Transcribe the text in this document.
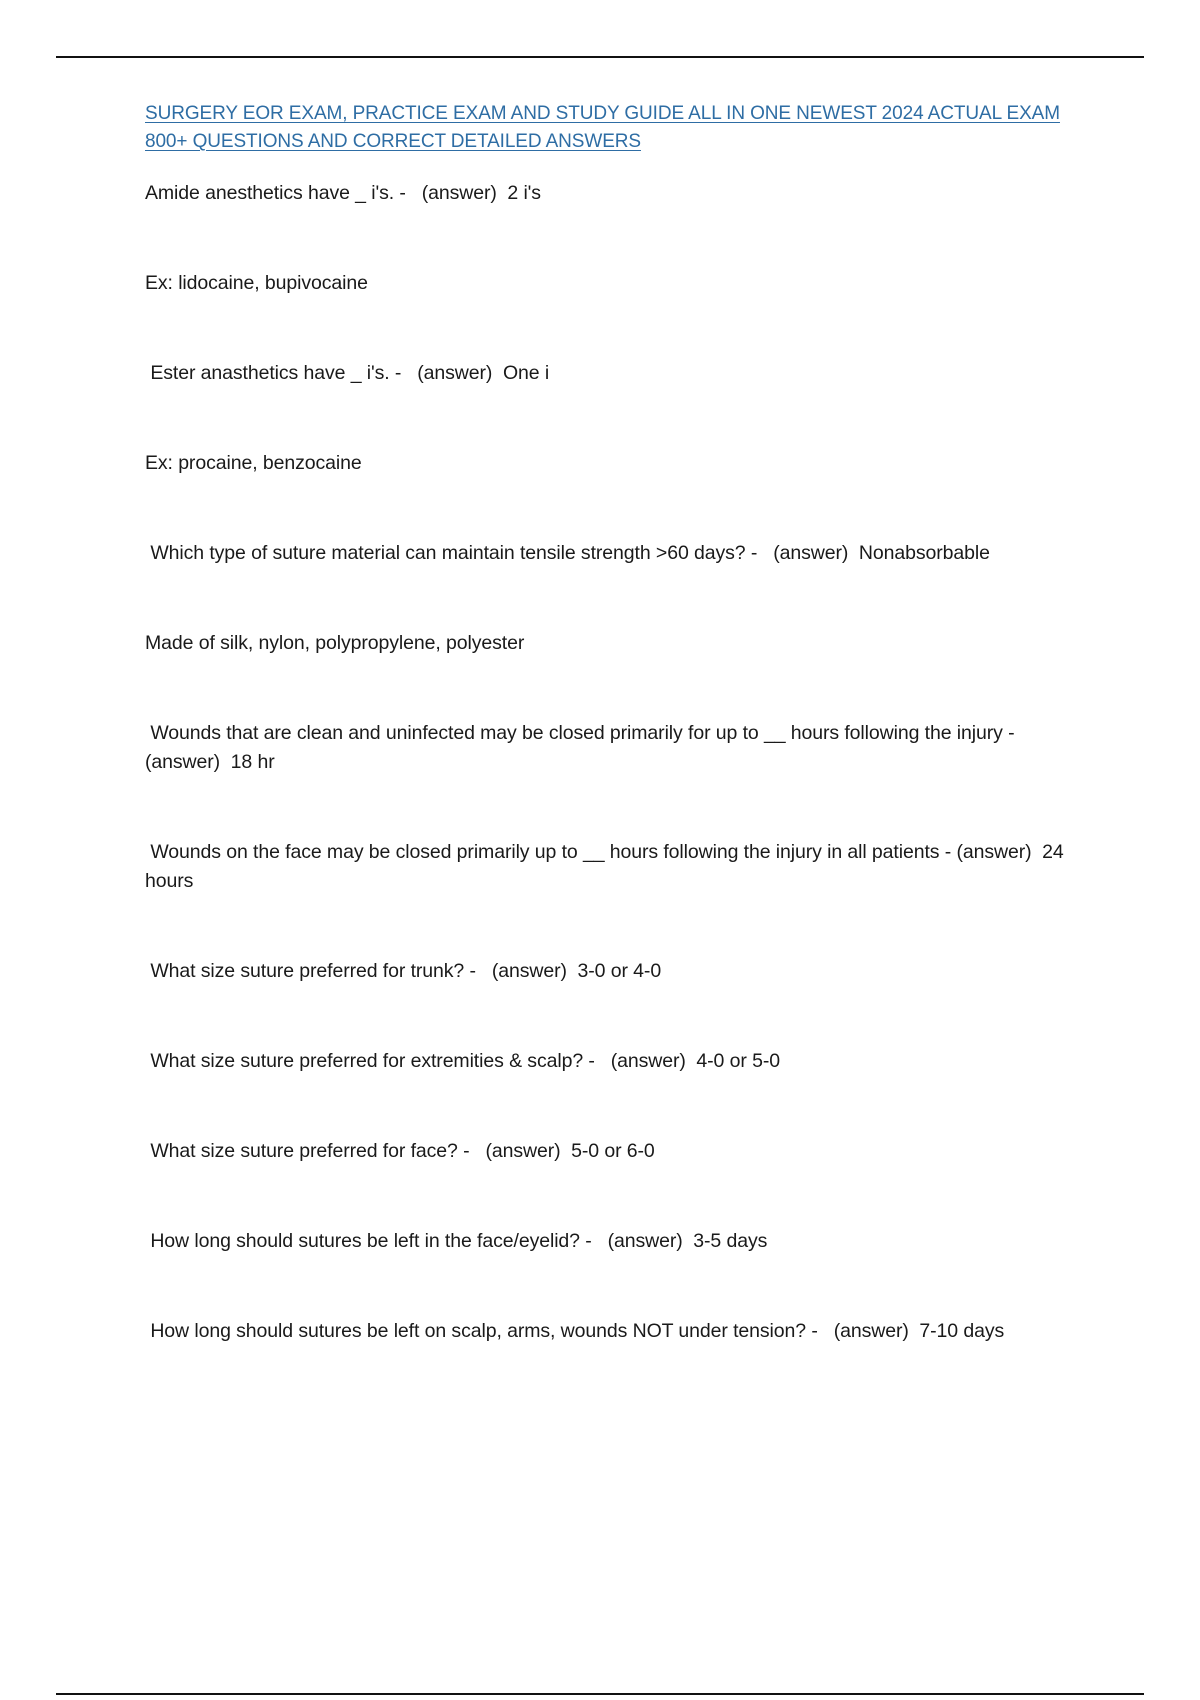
SURGERY EOR EXAM, PRACTICE EXAM AND STUDY GUIDE ALL IN ONE NEWEST 2024 ACTUAL EXAM 800+ QUESTIONS AND CORRECT DETAILED ANSWERS
Amide anesthetics have _ i's. -   (answer)  2 i's
Ex: lidocaine, bupivocaine
Ester anasthetics have _ i's. -   (answer)  One i
Ex: procaine, benzocaine
Which type of suture material can maintain tensile strength >60 days? -   (answer)  Nonabsorbable
Made of silk, nylon, polypropylene, polyester
Wounds that are clean and uninfected may be closed primarily for up to __ hours following the injury - (answer)  18 hr
Wounds on the face may be closed primarily up to __ hours following the injury in all patients - (answer)  24 hours
What size suture preferred for trunk? -   (answer)  3-0 or 4-0
What size suture preferred for extremities & scalp? -   (answer)  4-0 or 5-0
What size suture preferred for face? -   (answer)  5-0 or 6-0
How long should sutures be left in the face/eyelid? -   (answer)  3-5 days
How long should sutures be left on scalp, arms, wounds NOT under tension? -   (answer)  7-10 days
